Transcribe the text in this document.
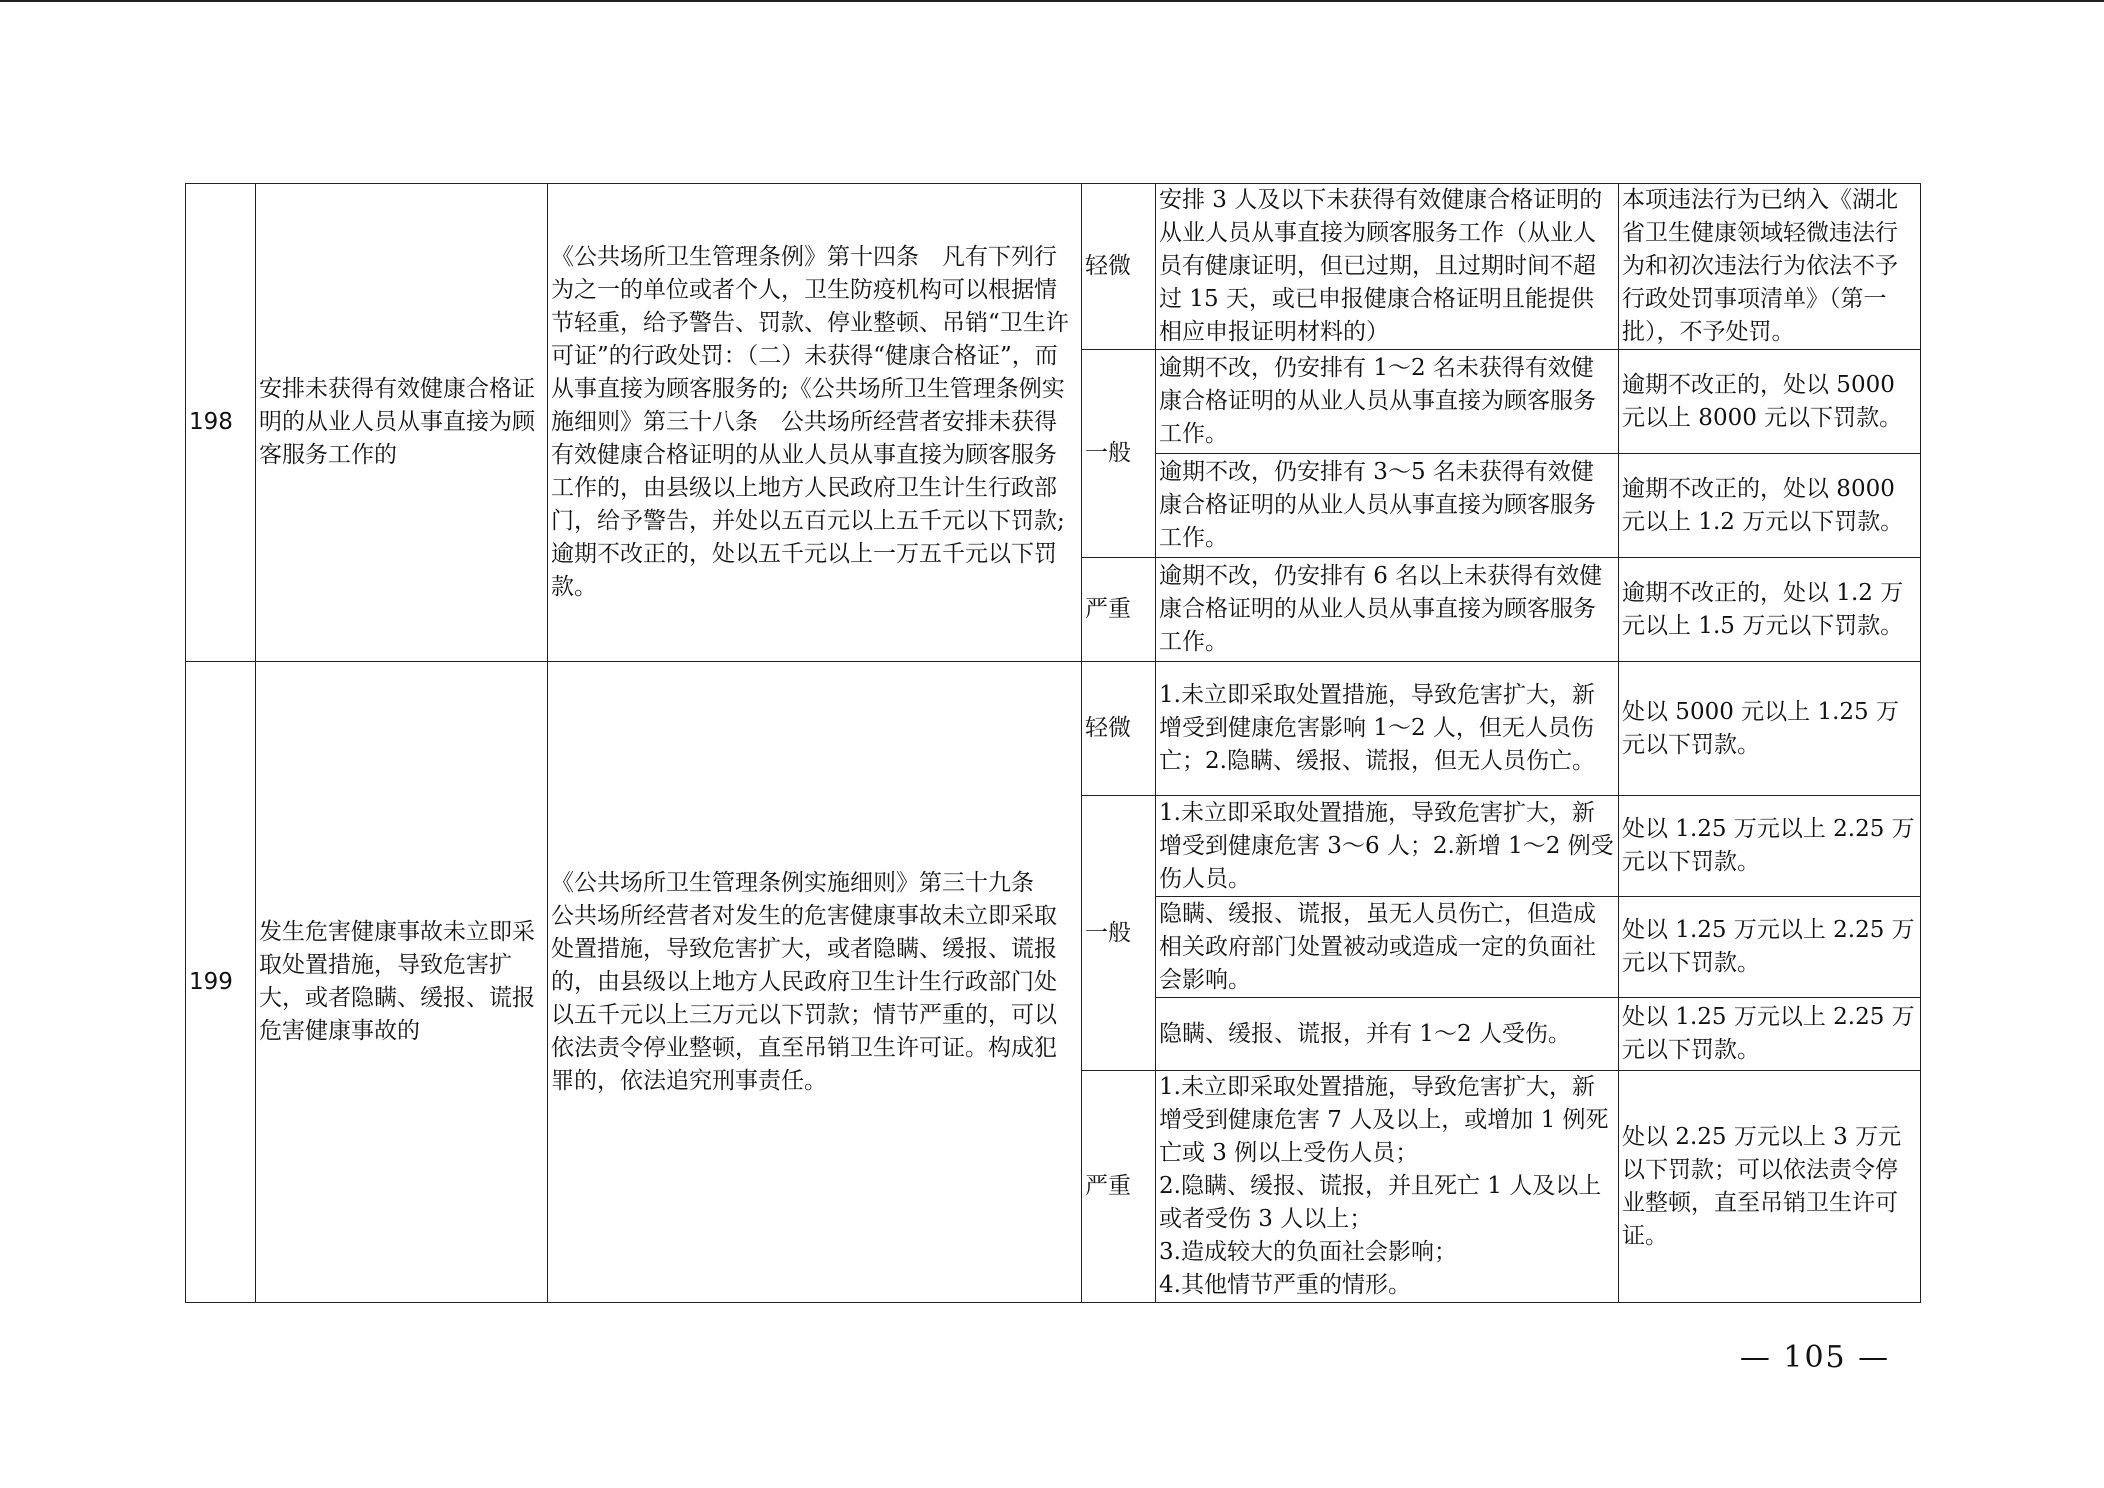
198	安排未获得有效健康合格证明的从业人员从事直接为顾客服务工作的	《公共场所卫生管理条例》第十四条　凡有下列行为之一的单位或者个人，卫生防疫机构可以根据情节轻重，给予警告、罚款、停业整顿、吊销“卫生许可证”的行政处罚：（二）未获得“健康合格证”，而从事直接为顾客服务的;《公共场所卫生管理条例实施细则》第三十八条　公共场所经营者安排未获得有效健康合格证明的从业人员从事直接为顾客服务工作的，由县级以上地方人民政府卫生计生行政部门，给予警告，并处以五百元以上五千元以下罚款;逾期不改正的，处以五千元以上一万五千元以下罚款。	轻微	安排 3 人及以下未获得有效健康合格证明的从业人员从事直接为顾客服务工作（从业人员有健康证明，但已过期，且过期时间不超过 15 天，或已申报健康合格证明且能提供相应申报证明材料的）	本项违法行为已纳入《湖北省卫生健康领域轻微违法行为和初次违法行为依法不予行政处罚事项清单》（第一批），不予处罚。
			一般	逾期不改，仍安排有 1～2 名未获得有效健康合格证明的从业人员从事直接为顾客服务工作。	逾期不改正的，处以 5000 元以上 8000 元以下罚款。
				逾期不改，仍安排有 3～5 名未获得有效健康合格证明的从业人员从事直接为顾客服务工作。	逾期不改正的，处以 8000 元以上 1.2 万元以下罚款。
			严重	逾期不改，仍安排有 6 名以上未获得有效健康合格证明的从业人员从事直接为顾客服务工作。	逾期不改正的，处以 1.2 万元以上 1.5 万元以下罚款。
199	发生危害健康事故未立即采取处置措施，导致危害扩大，或者隐瞒、缓报、谎报危害健康事故的	《公共场所卫生管理条例实施细则》第三十九条　公共场所经营者对发生的危害健康事故未立即采取处置措施，导致危害扩大，或者隐瞒、缓报、谎报的，由县级以上地方人民政府卫生计生行政部门处以五千元以上三万元以下罚款；情节严重的，可以依法责令停业整顿，直至吊销卫生许可证。构成犯罪的，依法追究刑事责任。	轻微	1.未立即采取处置措施，导致危害扩大，新增受到健康危害影响 1～2 人，但无人员伤亡；2.隐瞒、缓报、谎报，但无人员伤亡。	处以 5000 元以上 1.25 万元以下罚款。
			一般	1.未立即采取处置措施，导致危害扩大，新增受到健康危害 3～6 人；2.新增 1～2 例受伤人员。	处以 1.25 万元以上 2.25 万元以下罚款。
				隐瞒、缓报、谎报，虽无人员伤亡，但造成相关政府部门处置被动或造成一定的负面社会影响。	处以 1.25 万元以上 2.25 万元以下罚款。
				隐瞒、缓报、谎报，并有 1～2 人受伤。	处以 1.25 万元以上 2.25 万元以下罚款。
			严重	1.未立即采取处置措施，导致危害扩大，新增受到健康危害 7 人及以上，或增加 1 例死亡或 3 例以上受伤人员；
2.隐瞒、缓报、谎报，并且死亡 1 人及以上或者受伤 3 人以上；
3.造成较大的负面社会影响；
4.其他情节严重的情形。	处以 2.25 万元以上 3 万元以下罚款；可以依法责令停业整顿，直至吊销卫生许可证。
— 105 —
